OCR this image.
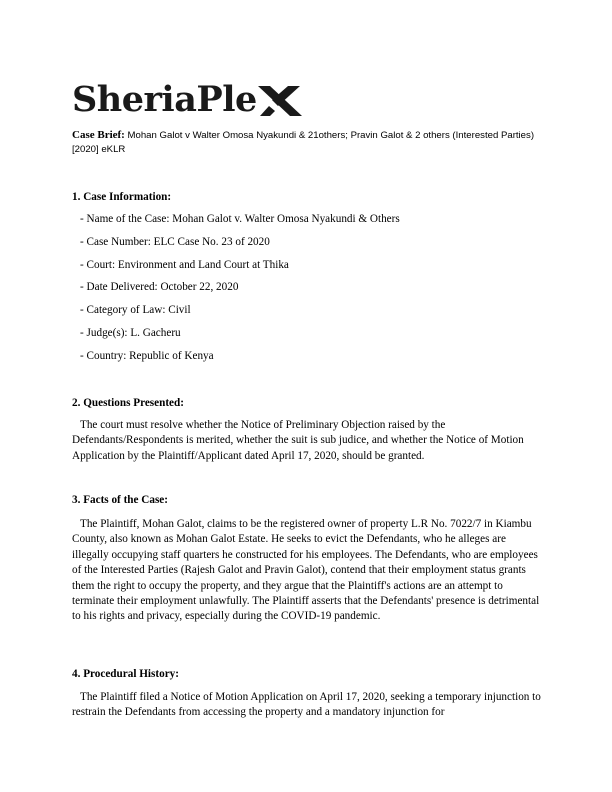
SheriaPle
Case Brief: Mohan Galot v Walter Omosa Nyakundi & 21others; Pravin Galot & 2 others (Interested Parties) [2020] eKLR
1. Case Information:
- Name of the Case: Mohan Galot v. Walter Omosa Nyakundi & Others
- Case Number: ELC Case No. 23 of 2020
- Court: Environment and Land Court at Thika
- Date Delivered: October 22, 2020
- Category of Law: Civil
- Judge(s): L. Gacheru
- Country: Republic of Kenya
2. Questions Presented:

The court must resolve whether the Notice of Preliminary Objection raised by the Defendants/Respondents is merited, whether the suit is sub judice, and whether the Notice of Motion Application by the Plaintiff/Applicant dated April 17, 2020, should be granted.

3. Facts of the Case:

The Plaintiff, Mohan Galot, claims to be the registered owner of property L.R No. 7022/7 in Kiambu County, also known as Mohan Galot Estate. He seeks to evict the Defendants, who he alleges are illegally occupying staff quarters he constructed for his employees. The Defendants, who are employees of the Interested Parties (Rajesh Galot and Pravin Galot), contend that their employment status grants them the right to occupy the property, and they argue that the Plaintiff's actions are an attempt to terminate their employment unlawfully. The Plaintiff asserts that the Defendants' presence is detrimental to his rights and privacy, especially during the COVID-19 pandemic.

4. Procedural History:

The Plaintiff filed a Notice of Motion Application on April 17, 2020, seeking a temporary injunction to restrain the Defendants from accessing the property and a mandatory injunction for
